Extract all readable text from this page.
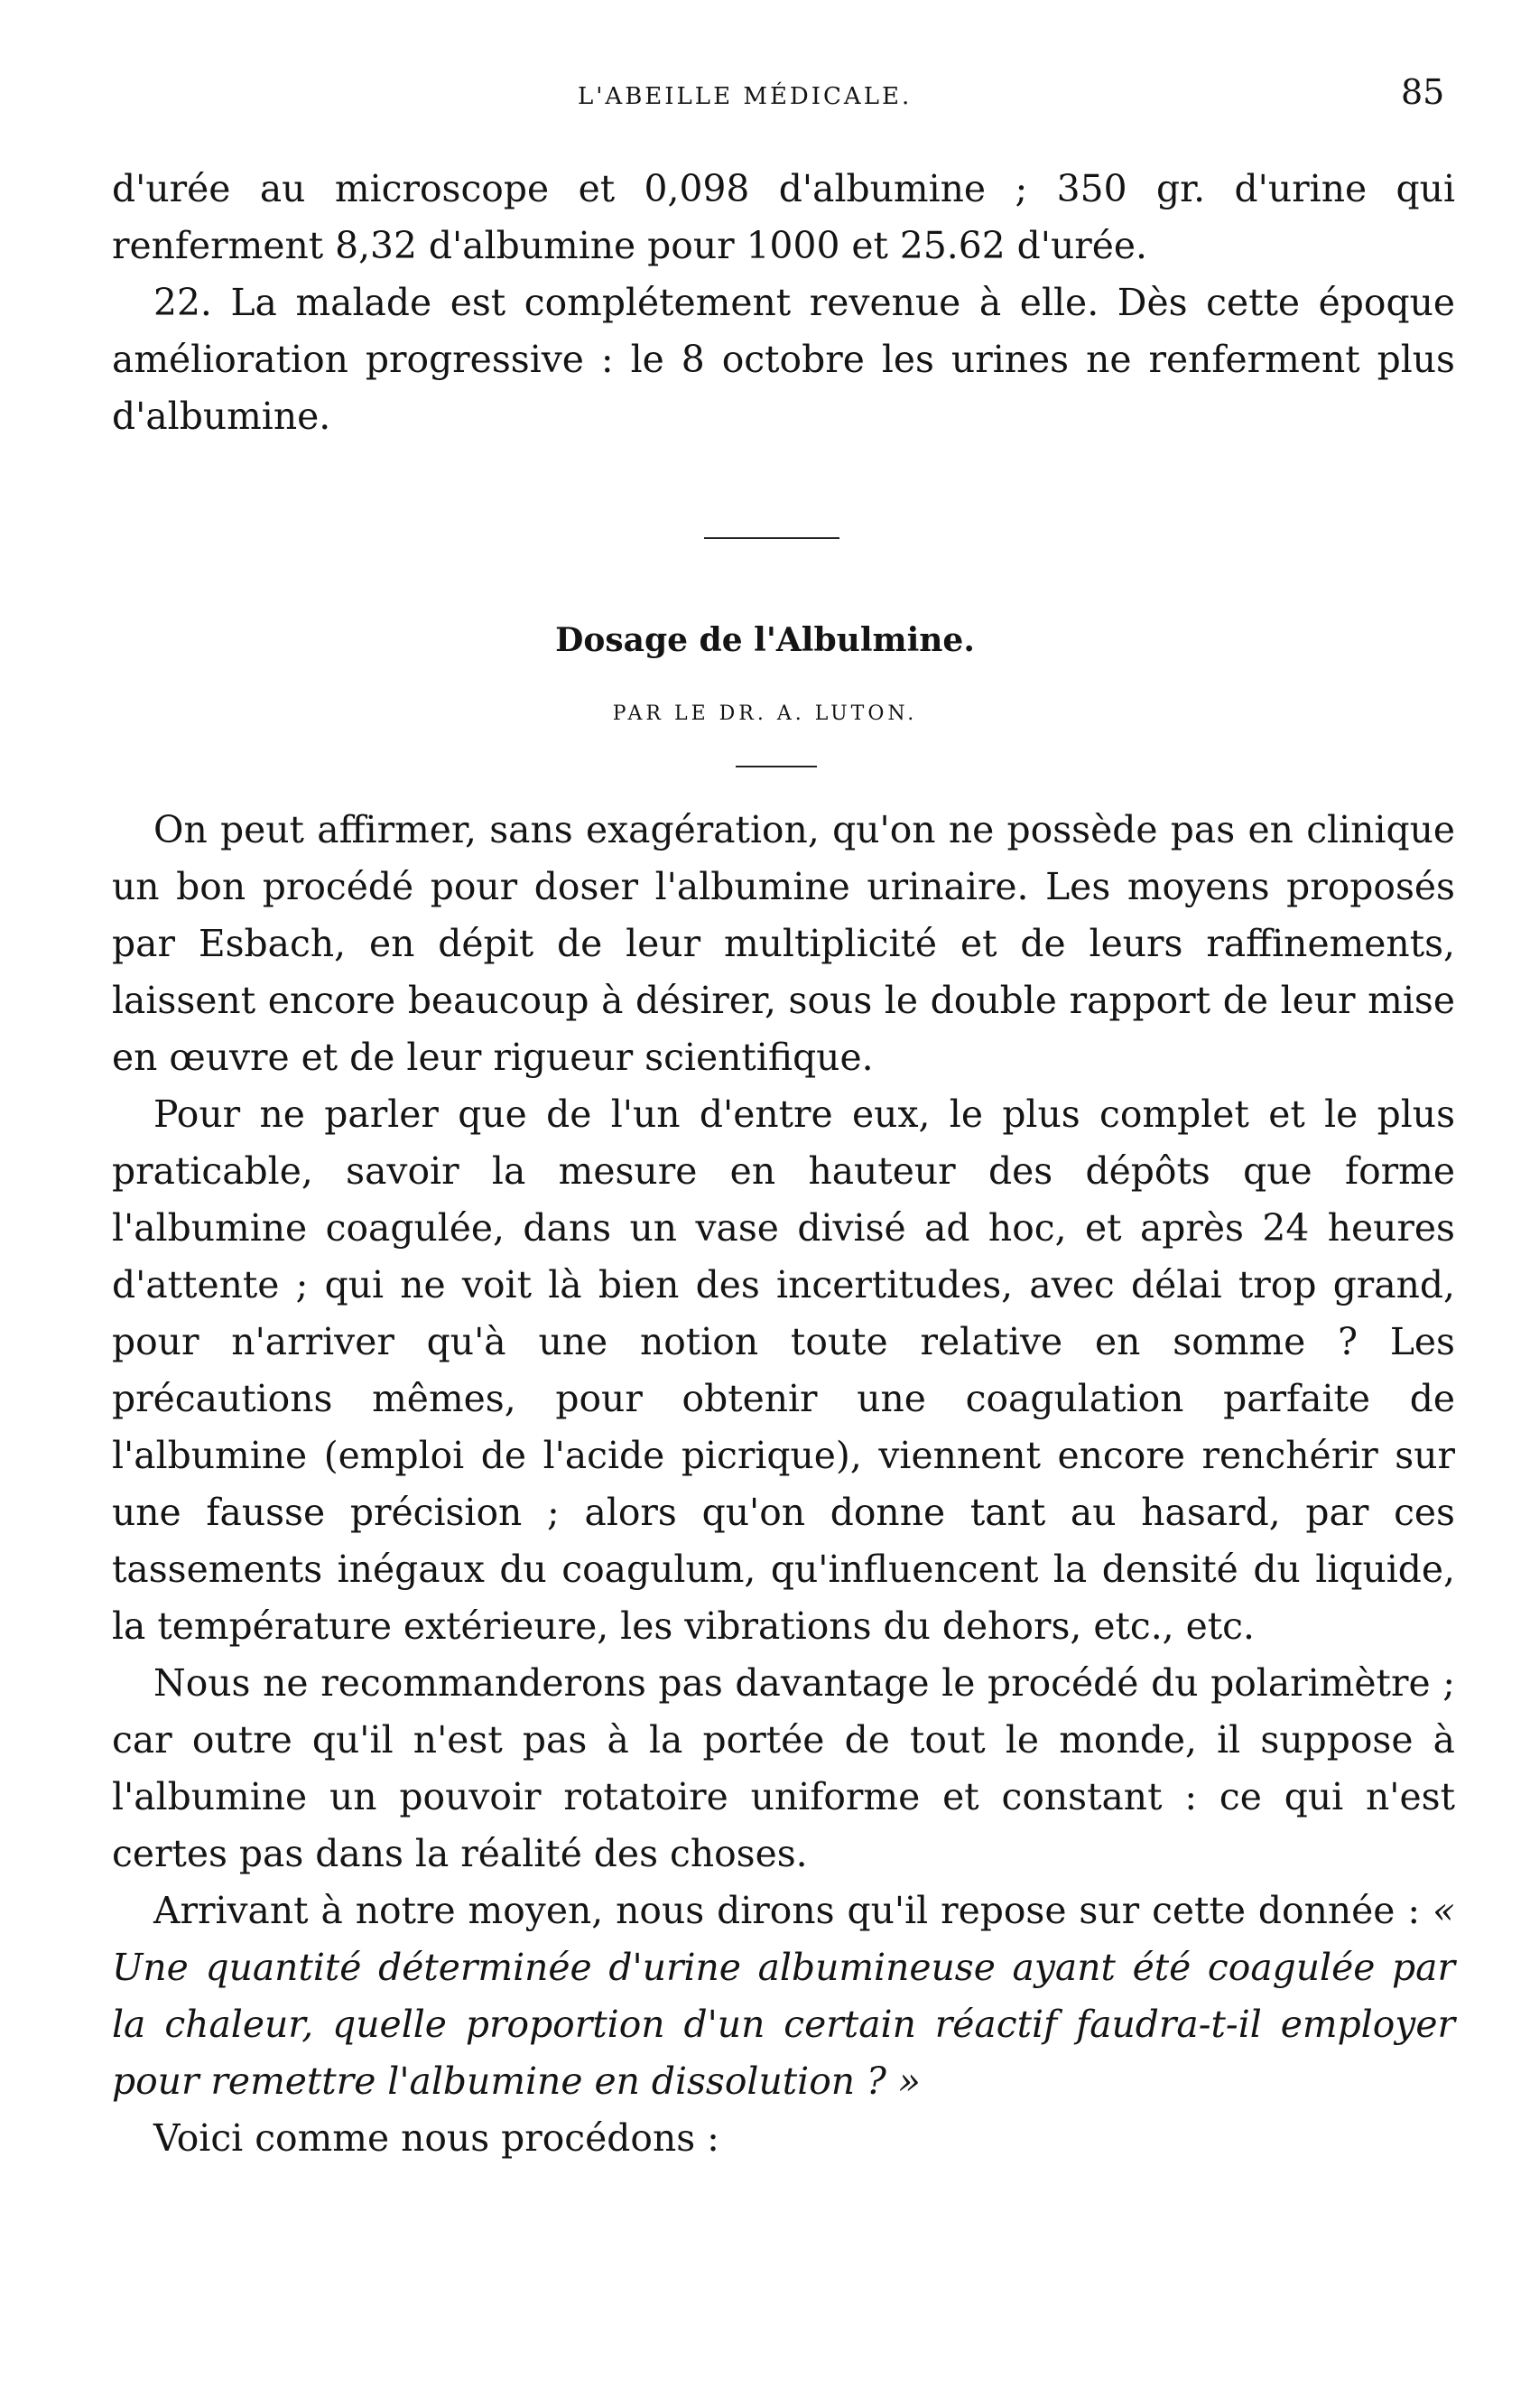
L'ABEILLE MÉDICALE.	85

d'urée au microscope et 0,098 d'albumine ; 350 gr. d'urine qui renferment 8,32 d'albumine pour 1000 et 25.62 d'urée.

22. La malade est complétement revenue à elle. Dès cette époque amélioration progressive : le 8 octobre les urines ne renferment plus d'albumine.

Dosage de l'Albulmine.
PAR LE DR. A. LUTON.

On peut affirmer, sans exagération, qu'on ne possède pas en clinique un bon procédé pour doser l'albumine urinaire. Les moyens proposés par Esbach, en dépit de leur multiplicité et de leurs raffinements, laissent encore beaucoup à désirer, sous le double rapport de leur mise en œuvre et de leur rigueur scientifique.

Pour ne parler que de l'un d'entre eux, le plus complet et le plus praticable, savoir la mesure en hauteur des dépôts que forme l'albumine coagulée, dans un vase divisé ad hoc, et après 24 heures d'attente ; qui ne voit là bien des incertitudes, avec délai trop grand, pour n'arriver qu'à une notion toute relative en somme ? Les précautions mêmes, pour obtenir une coagulation parfaite de l'albumine (emploi de l'acide picrique), viennent encore renchérir sur une fausse précision ; alors qu'on donne tant au hasard, par ces tassements inégaux du coagulum, qu'influencent la densité du liquide, la température extérieure, les vibrations du dehors, etc., etc.

Nous ne recommanderons pas davantage le procédé du polarimètre ; car outre qu'il n'est pas à la portée de tout le monde, il suppose à l'albumine un pouvoir rotatoire uniforme et constant : ce qui n'est certes pas dans la réalité des choses.

Arrivant à notre moyen, nous dirons qu'il repose sur cette donnée : « Une quantité déterminée d'urine albumineuse ayant été coagulée par la chaleur, quelle proportion d'un certain réactif faudra-t-il employer pour remettre l'albumine en dissolution ? »

Voici comme nous procédons :
